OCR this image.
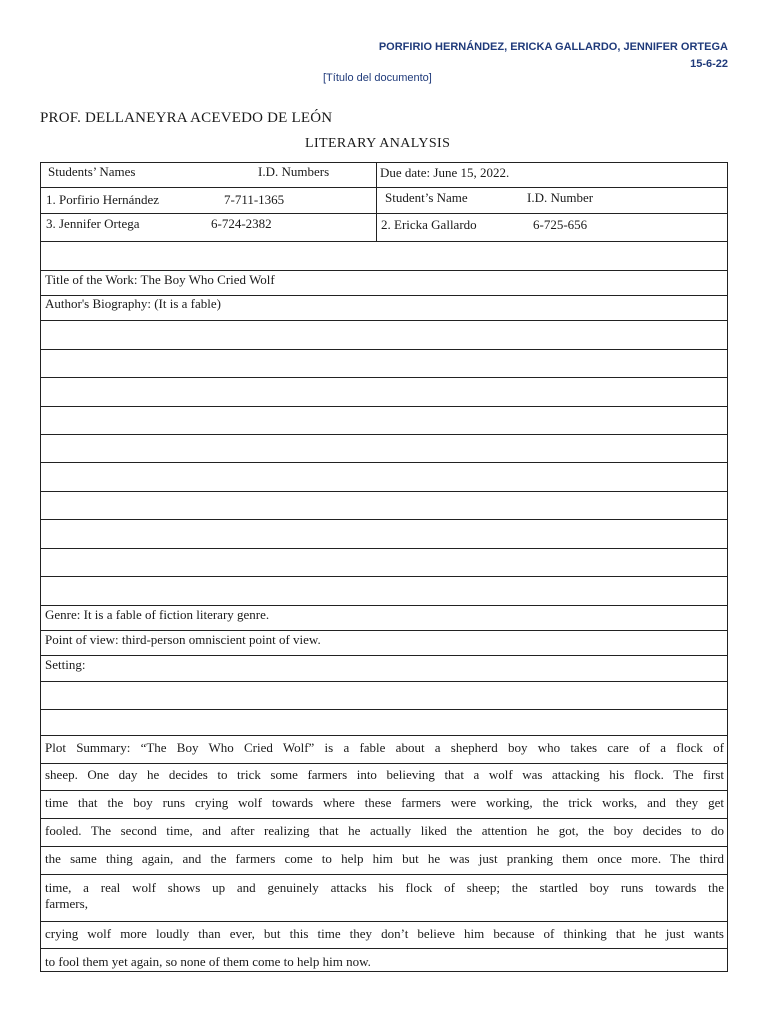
PORFIRIO HERNÁNDEZ, ERICKA GALLARDO, JENNIFER ORTEGA
15-6-22
[Título del documento]
PROF. DELLANEYRA ACEVEDO DE LEÓN
LITERARY ANALYSIS
Students’ Names	I.D. Numbers	Due date: June 15, 2022.
1. Porfirio Hernández	7-711-1365	Student’s Name	I.D. Number
3. Jennifer Ortega	6-724-2382	2. Ericka Gallardo	6-725-656
Title of the Work: The Boy Who Cried Wolf
Author's Biography: (It is a fable)
Genre: It is a fable of fiction literary genre.
Point of view: third-person omniscient point of view.
Setting:
Plot Summary: “The Boy Who Cried Wolf” is a fable about a shepherd boy who takes care of a flock of
sheep. One day he decides to trick some farmers into believing that a wolf was attacking his flock. The first
time that the boy runs crying wolf towards where these farmers were working, the trick works, and they get
fooled. The second time, and after realizing that he actually liked the attention he got, the boy decides to do
the same thing again, and the farmers come to help him but he was just pranking them once more. The third
time, a real wolf shows up and genuinely attacks his flock of sheep; the startled boy runs towards the
farmers,
crying wolf more loudly than ever, but this time they don’t believe him because of thinking that he just wants
to fool them yet again, so none of them come to help him now.
